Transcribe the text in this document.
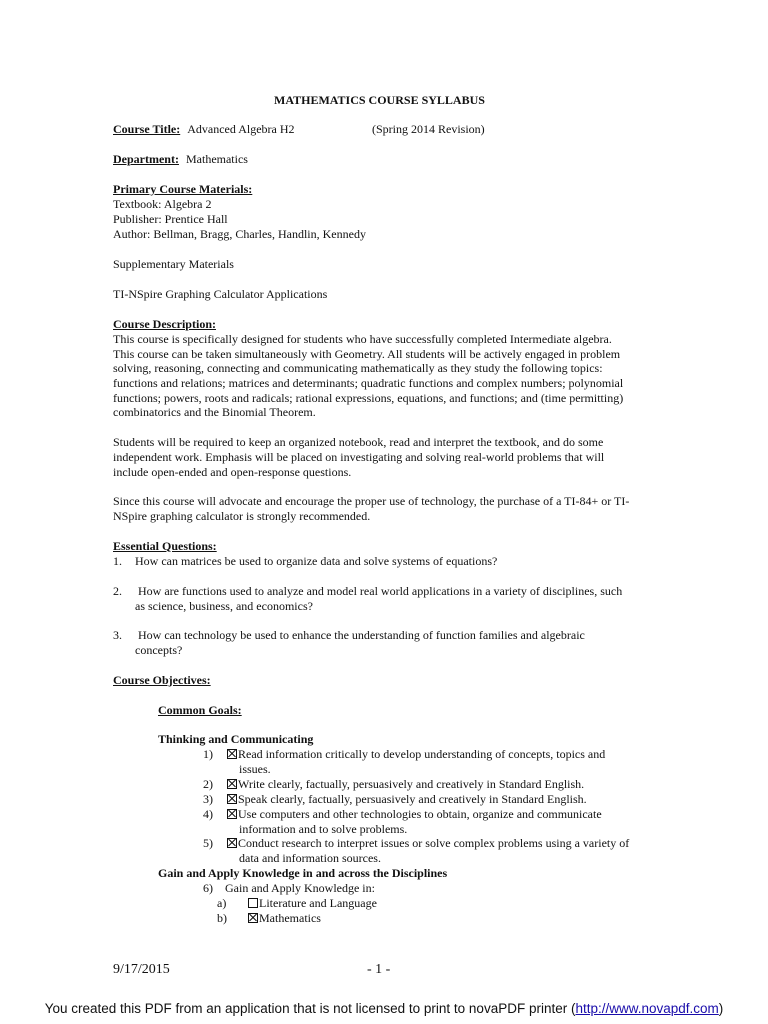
MATHEMATICS COURSE SYLLABUS
Course Title: Advanced Algebra H2	(Spring 2014 Revision)
Department: Mathematics
Primary Course Materials:
Textbook: Algebra 2
Publisher: Prentice Hall
Author: Bellman, Bragg, Charles, Handlin, Kennedy
Supplementary Materials
TI-NSpire Graphing Calculator Applications
Course Description:
This course is specifically designed for students who have successfully completed Intermediate algebra.
This course can be taken simultaneously with Geometry. All students will be actively engaged in problem
solving, reasoning, connecting and communicating mathematically as they study the following topics:
functions and relations; matrices and determinants; quadratic functions and complex numbers; polynomial
functions; powers, roots and radicals; rational expressions, equations, and functions; and (time permitting)
combinatorics and the Binomial Theorem.
Students will be required to keep an organized notebook, read and interpret the textbook, and do some
independent work. Emphasis will be placed on investigating and solving real-world problems that will
include open-ended and open-response questions.
Since this course will advocate and encourage the proper use of technology, the purchase of a TI-84+ or TI-
NSpire graphing calculator is strongly recommended.
Essential Questions:
1. How can matrices be used to organize data and solve systems of equations?
2. How are functions used to analyze and model real world applications in a variety of disciplines, such
as science, business, and economics?
3. How can technology be used to enhance the understanding of function families and algebraic
concepts?
Course Objectives:
Common Goals:
Thinking and Communicating
1)	Read information critically to develop understanding of concepts, topics and
issues.
2)	Write clearly, factually, persuasively and creatively in Standard English.
3)	Speak clearly, factually, persuasively and creatively in Standard English.
4)	Use computers and other technologies to obtain, organize and communicate
information and to solve problems.
5)	Conduct research to interpret issues or solve complex problems using a variety of
data and information sources.
Gain and Apply Knowledge in and across the Disciplines
6) Gain and Apply Knowledge in:
a)	Literature and Language
b)	Mathematics
9/17/2015	- 1 -
You created this PDF from an application that is not licensed to print to novaPDF printer (http://www.novapdf.com)
